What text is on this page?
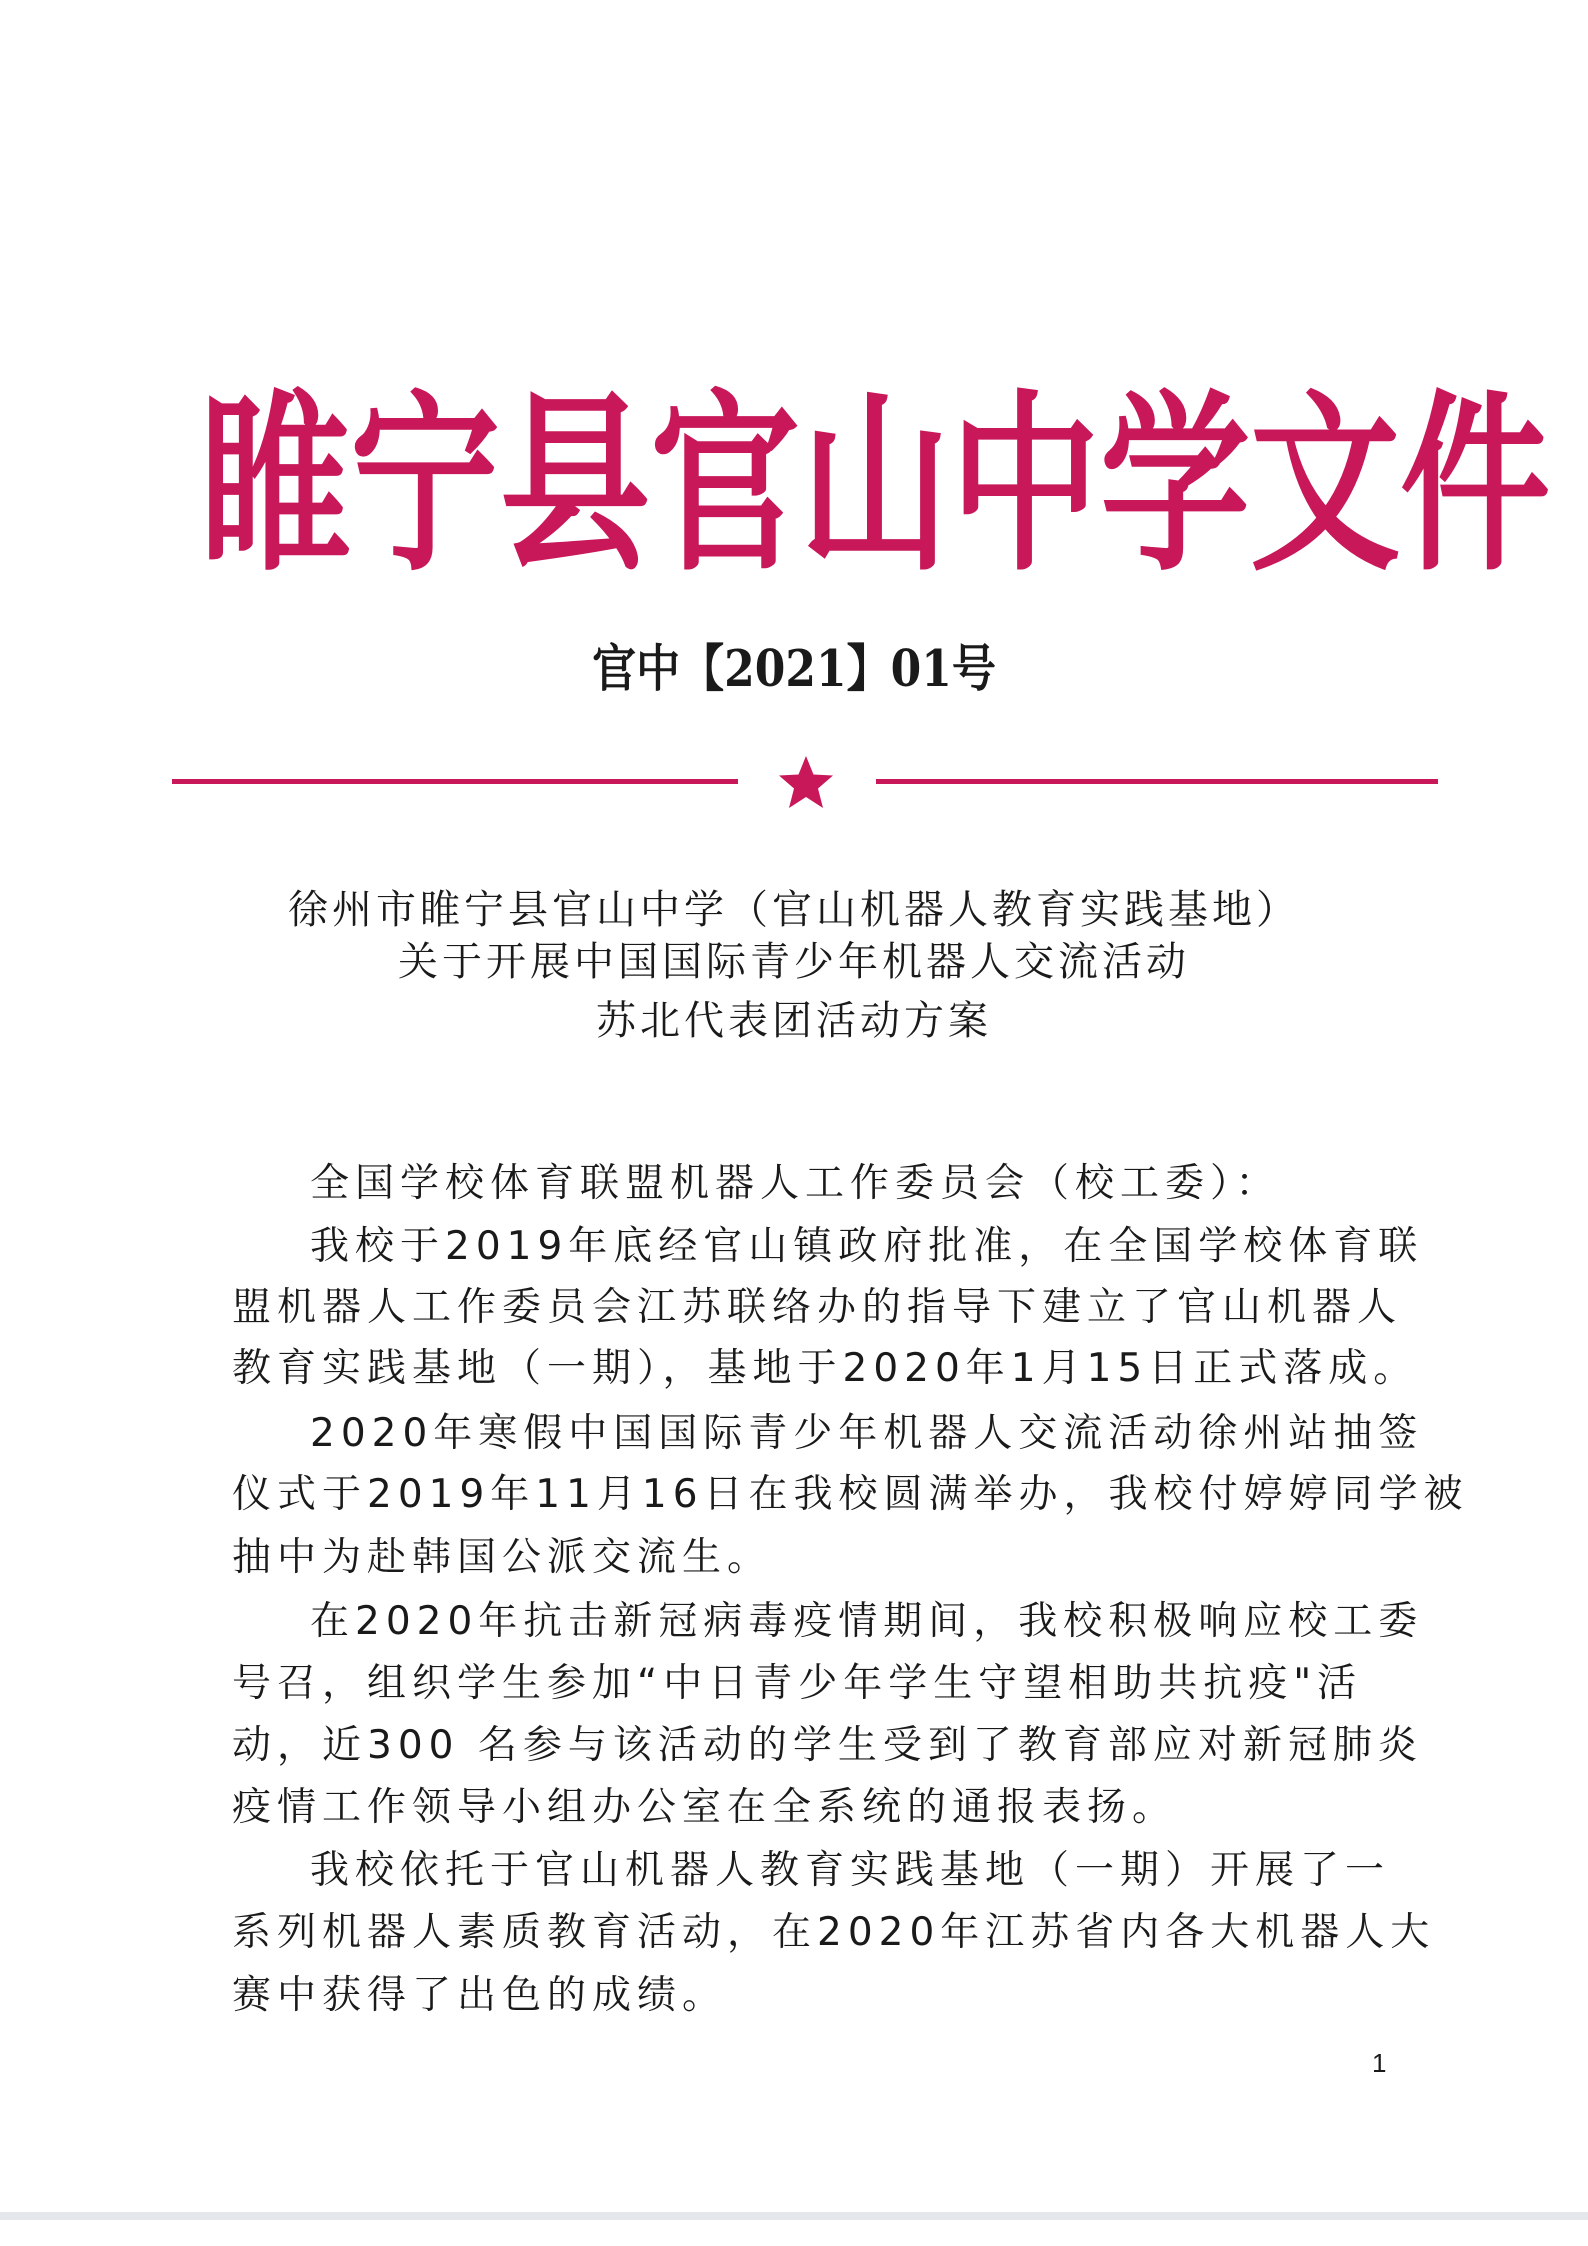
睢 宁 县 官 山 中 学 文 件
官中【2021】01号
徐州市睢宁县官山中学（官山机器人教育实践基地）
关于开展中国国际青少年机器人交流活动
苏北代表团活动方案
全国学校体育联盟机器人工作委员会（校工委）：
我校于2019年底经官山镇政府批准，在全国学校体育联
盟机器人工作委员会江苏联络办的指导下建立了官山机器人
教育实践基地（一期），基地于2020年1月15日正式落成。
2020年寒假中国国际青少年机器人交流活动徐州站抽签
仪式于2019年11月16日在我校圆满举办，我校付婷婷同学被
抽中为赴韩国公派交流生。
在2020年抗击新冠病毒疫情期间，我校积极响应校工委
号召，组织学生参加“中日青少年学生守望相助共抗疫"活
动，近300 名参与该活动的学生受到了教育部应对新冠肺炎
疫情工作领导小组办公室在全系统的通报表扬。
我校依托于官山机器人教育实践基地（一期）开展了一
系列机器人素质教育活动，在2020年江苏省内各大机器人大
赛中获得了出色的成绩。
1
